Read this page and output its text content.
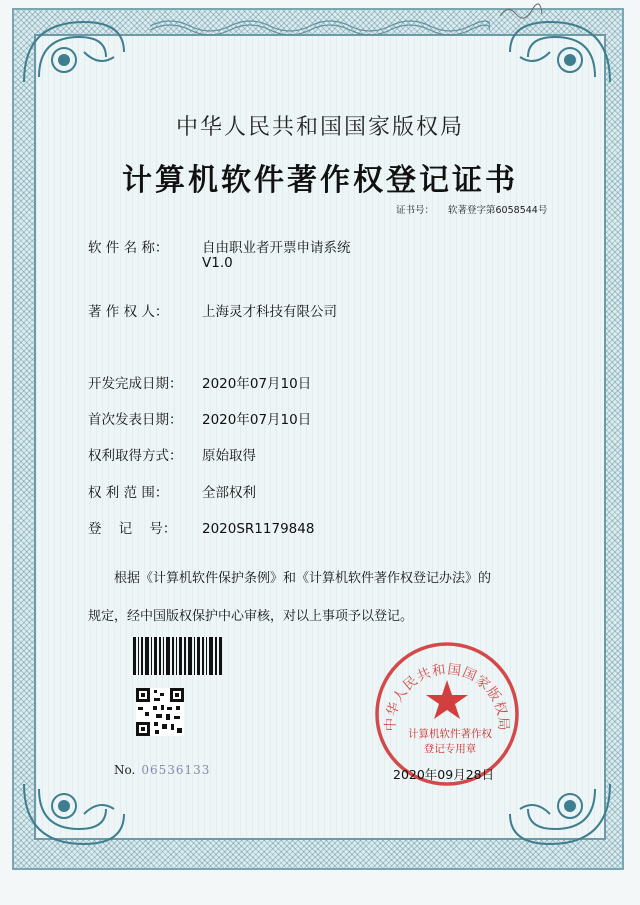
中华人民共和国国家版权局
计算机软件著作权登记证书
证书号： 软著登字第6058544号
软 件 名 称： 自由职业者开票申请系统
V1.0
著 作 权 人： 上海灵才科技有限公司
开发完成日期： 2020年07月10日
首次发表日期： 2020年07月10日
权利取得方式： 原始取得
权 利 范 围： 全部权利
登    记    号： 2020SR1179848
根据《计算机软件保护条例》和《计算机软件著作权登记办法》的
规定，经中国版权保护中心审核，对以上事项予以登记。
No. 06536133
中华人民共和国国家版权局
计算机软件著作权
登记专用章
2020年09月28日
